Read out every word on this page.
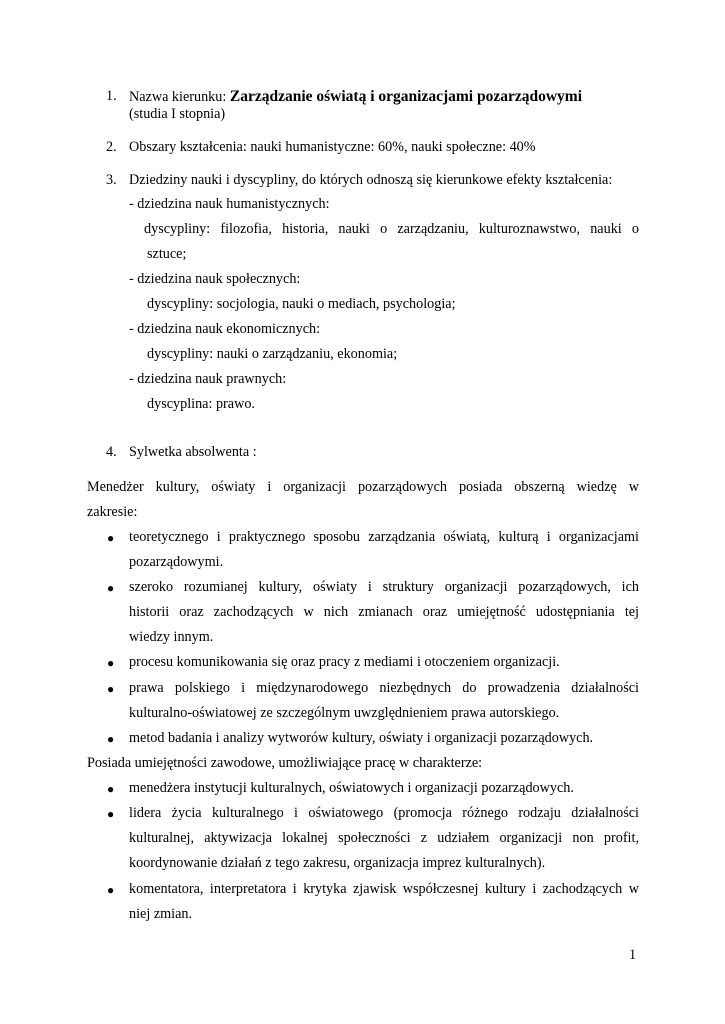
1. Nazwa kierunku: Zarządzanie oświatą i organizacjami pozarządowymi
(studia I stopnia)
2. Obszary kształcenia: nauki humanistyczne: 60%, nauki społeczne: 40%
3. Dziedziny nauki i dyscypliny, do których odnoszą się kierunkowe efekty kształcenia:
- dziedzina nauk humanistycznych:
dyscypliny: filozofia, historia, nauki o zarządzaniu, kulturoznawstwo, nauki o
sztuce;
- dziedzina nauk społecznych:
dyscypliny: socjologia, nauki o mediach, psychologia;
- dziedzina nauk ekonomicznych:
dyscypliny: nauki o zarządzaniu, ekonomia;
- dziedzina nauk prawnych:
dyscyplina: prawo.
4. Sylwetka absolwenta :
Menedżer kultury, oświaty i organizacji pozarządowych posiada obszerną wiedzę w
zakresie:
● teoretycznego i praktycznego sposobu zarządzania oświatą, kulturą i organizacjami
pozarządowymi.
● szeroko rozumianej kultury, oświaty i struktury organizacji pozarządowych, ich
historii oraz zachodzących w nich zmianach oraz umiejętność udostępniania tej
wiedzy innym.
● procesu komunikowania się oraz pracy z mediami i otoczeniem organizacji.
● prawa polskiego i międzynarodowego niezbędnych do prowadzenia działalności
kulturalno-oświatowej ze szczególnym uwzględnieniem prawa autorskiego.
● metod badania i analizy wytworów kultury, oświaty i organizacji pozarządowych.
Posiada umiejętności zawodowe, umożliwiające pracę w charakterze:
● menedżera instytucji kulturalnych, oświatowych i organizacji pozarządowych.
● lidera życia kulturalnego i oświatowego (promocja różnego rodzaju działalności
kulturalnej, aktywizacja lokalnej społeczności z udziałem organizacji non profit,
koordynowanie działań z tego zakresu, organizacja imprez kulturalnych).
● komentatora, interpretatora i krytyka zjawisk współczesnej kultury i zachodzących w
niej zmian.
1
